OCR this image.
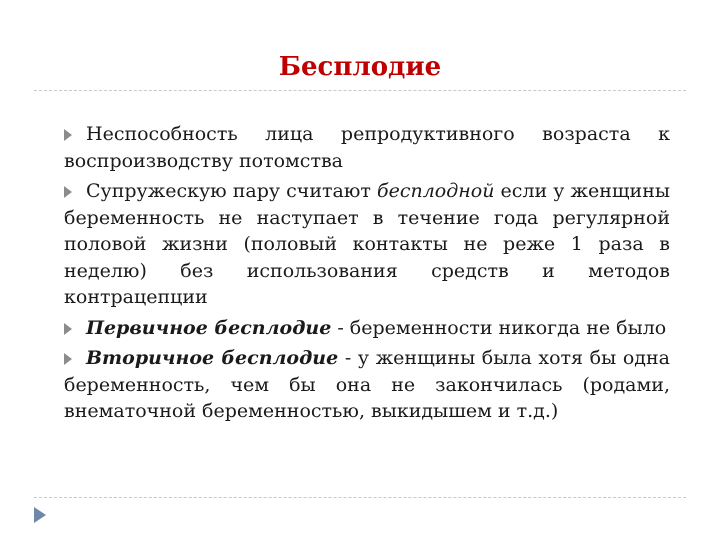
Бесплодие

Неспособность лица репродуктивного возраста к воспроизводству потомства

Супружескую пару считают бесплодной если у женщины беременность не наступает в течение года регулярной половой жизни (половый контакты не реже 1 раза в неделю) без использования средств и методов контрацепции

Первичное бесплодие - беременности никогда не было

Вторичное бесплодие - у женщины была хотя бы одна беременность, чем бы она не закончилась (родами, внематочной беременностью, выкидышем и т.д.)
